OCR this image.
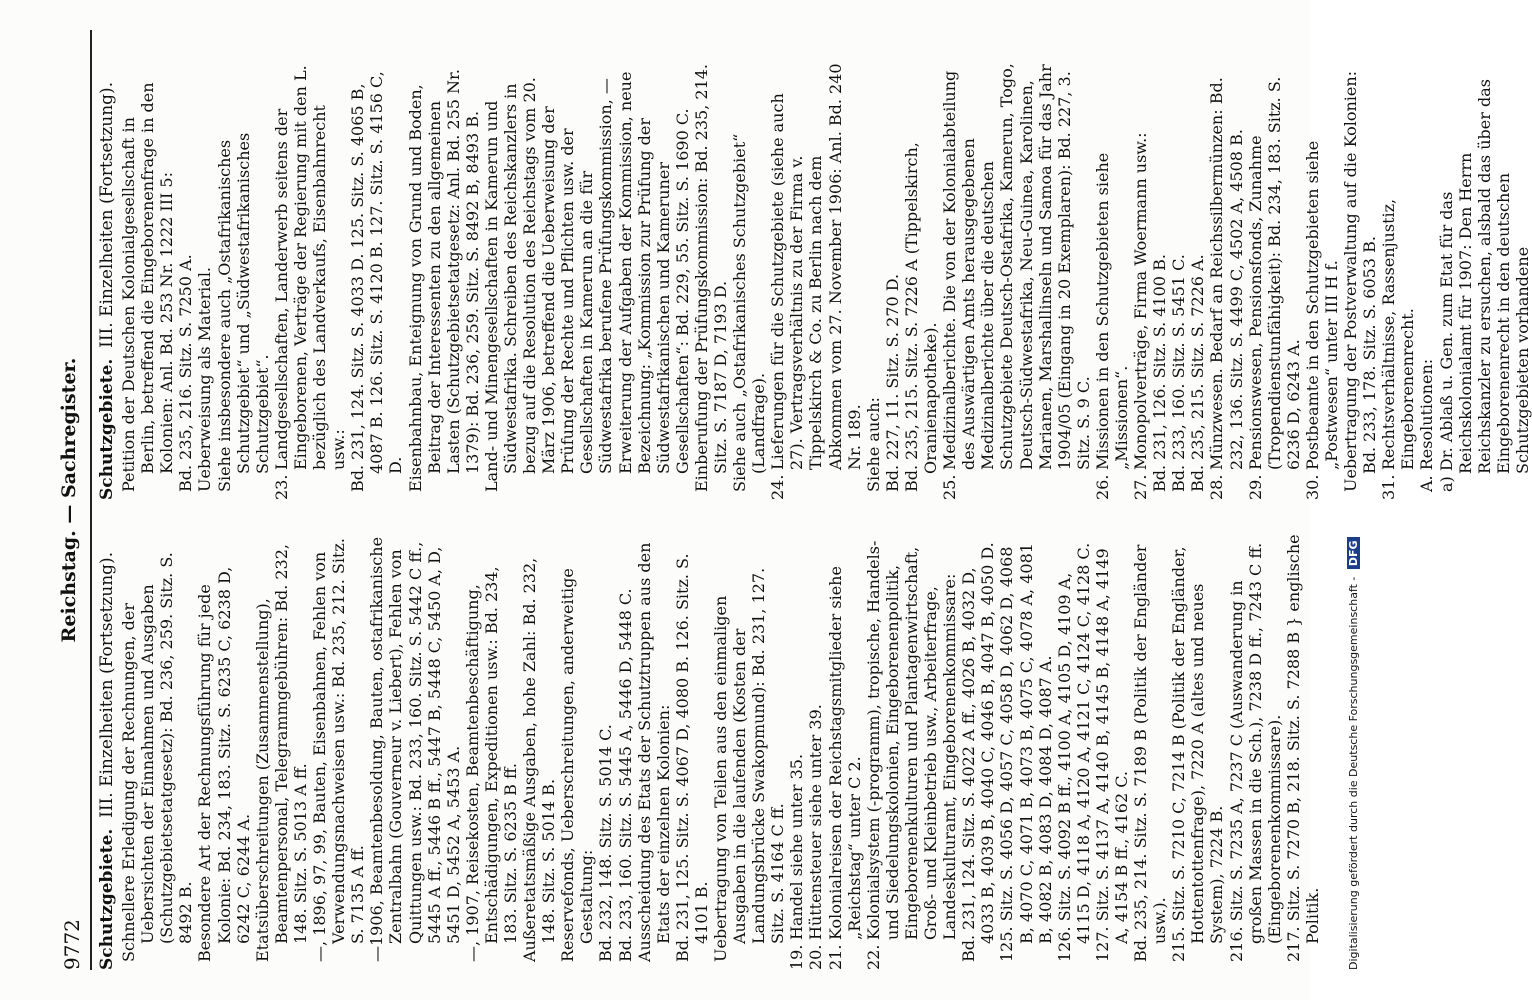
9772
Reichstag. — Sachregister.
Schutzgebiete.  III. Einzelheiten (Fortsetzung). Schnellere Erledigung der Rechnungen, der Uebersichten der Einnahmen und Ausgaben (Schutzgebietsetatgesetz): Bd. 236, 259. Sitz. S. 8492 B. Besondere Art der Rechnungsführung für jede Kolonie: Bd. 234, 183. Sitz. S. 6235 C, 6238 D, 6242 C, 6244 A. Etatsüberschreitungen (Zusammenstellung), Beamtenpersonal, Telegrammgebühren: Bd. 232, 148. Sitz. S. 5013 A ff. —, 1896, 97, 99, Bauten, Eisenbahnen, Fehlen von Verwendungsnachweisen usw.: Bd. 235, 212. Sitz. S. 7135 A ff. —1906, Beamtenbesoldung, Bauten, ostafrikanische Zentralbahn (Gouverneur v. Liebert), Fehlen von Quittungen usw.: Bd. 233, 160. Sitz. S. 5442 C ff., 5445 A ff., 5446 B ff., 5447 B, 5448 C, 5450 A, D, 5451 D, 5452 A, 5453 A. —, 1907, Reisekosten, Beamtenbeschäftigung, Entschädigungen, Expeditionen usw.: Bd. 234, 183. Sitz. S. 6235 B ff. Außeretatsmäßige Ausgaben, hohe Zahl: Bd. 232, 148. Sitz. S. 5014 B. Reservefonds, Ueberschreitungen, anderweitige Gestaltung: Bd. 232, 148. Sitz. S. 5014 C. Bd. 233, 160. Sitz. S. 5445 A, 5446 D, 5448 C. Ausscheidung des Etats der Schutztruppen aus den Etats der einzelnen Kolonien: Bd. 231, 125. Sitz. S. 4067 D, 4080 B. 126. Sitz. S. 4101 B. Uebertragung von Teilen aus den einmaligen Ausgaben in die laufenden (Kosten der Landungsbrücke Swakopmund): Bd. 231, 127. Sitz. S. 4164 C ff.

19.Handel siehe unter 35.

20.Hüttensteuer siehe unter 39.

21.Kolonialreisen der Reichstagsmitglieder siehe „Reichstag“ unter C 2.

22.Kolonialsystem (-programm), tropische, Handels- und Siedelungskolonien, Eingeborenenpolitik, Eingeborenenkulturen und Plantagenwirtschaft, Groß- und Kleinbetrieb usw., Arbeiterfrage, Landeskulturamt, Eingeborenenkommissare: Bd. 231, 124. Sitz. S. 4022 A ff., 4026 B, 4032 D, 4033 B, 4039 B, 4040 C, 4046 B, 4047 B, 4050 D. 125. Sitz. S. 4056 D, 4057 C, 4058 D, 4062 D, 4068 B, 4070 C, 4071 B, 4073 B, 4075 C, 4078 A, 4081 B, 4082 B, 4083 D, 4084 D, 4087 A. 126. Sitz. S. 4092 B ff., 4100 A, 4105 D, 4109 A, 4115 D, 4118 A, 4120 A, 4121 C, 4124 C, 4128 C. 127. Sitz. S. 4137 A, 4140 B, 4145 B, 4148 A, 4149 A, 4154 B ff., 4162 C. Bd. 235, 214. Sitz. S. 7189 B (Politik der Engländer usw.). 215. Sitz. S. 7210 C, 7214 B (Politik der Engländer, Hottentottenfrage), 7220 A (altes und neues System), 7224 B. 216. Sitz. S. 7235 A, 7237 C (Auswanderung in großen Massen in die Sch.), 7238 D ff., 7243 C ff. (Eingeborenenkommissare). 217. Sitz. S. 7270 B, 218. Sitz. S. 7288 B } englische Politik.

Schutzgebiete.  III. Einzelheiten (Fortsetzung). Petition der Deutschen Kolonialgesellschaft in Berlin, betreffend die Eingeborenenfrage in den Kolonien: Anl. Bd. 253 Nr. 1222 III 5: Bd. 235, 216. Sitz. S. 7250 A. Ueberweisung als Material. Siehe insbesondere auch „Ostafrikanisches Schutzgebiet“ und „Südwestafrikanisches Schutzgebiet“.

23.Landgesellschaften, Landerwerb seitens der Eingeborenen, Verträge der Regierung mit den L. bezüglich des Landverkaufs, Eisenbahnrecht usw.: Bd. 231, 124. Sitz. S. 4033 D. 125. Sitz. S. 4065 B, 4087 B. 126. Sitz. S. 4120 B. 127. Sitz. S. 4156 C, D. Eisenbahnbau, Enteignung von Grund und Boden, Beitrag der Interessenten zu den allgemeinen Lasten (Schutzgebietsetatgesetz: Anl. Bd. 255 Nr. 1379): Bd. 236, 259. Sitz. S. 8492 B, 8493 B. Land- und Minengesellschaften in Kamerun und Südwestafrika. Schreiben des Reichskanzlers in bezug auf die Resolution des Reichstags vom 20. März 1906, betreffend die Ueberweisung der Prüfung der Rechte und Pflichten usw. der Gesellschaften in Kamerun an die für Südwestafrika berufene Prüfungskommission, — Erweiterung der Aufgaben der Kommission, neue Bezeichnung: „Kommission zur Prüfung der Südwestafrikanischen und Kameruner Gesellschaften“: Bd. 229, 55. Sitz. S. 1690 C. Einberufung der Prüfungskommission: Bd. 235, 214. Sitz. S. 7187 D, 7193 D. Siehe auch „Ostafrikanisches Schutzgebiet“ (Landfrage).

24.Lieferungen für die Schutzgebiete (siehe auch 27). Vertragsverhältnis zu der Firma v. Tippelskirch & Co. zu Berlin nach dem Abkommen vom 27. November 1906: Anl. Bd. 240 Nr. 189. Siehe auch: Bd. 227, 11. Sitz. S. 270 D. Bd. 235, 215. Sitz. S. 7226 A (Tippelskirch, Oranienapotheke).

25.Medizinalberichte. Die von der Kolonialabteilung des Auswärtigen Amts herausgegebenen Medizinalberichte über die deutschen Schutzgebiete Deutsch-Ostafrika, Kamerun, Togo, Deutsch-Südwestafrika, Neu-Guinea, Karolinen, Marianen, Marshallinseln und Samoa für das Jahr 1904/05 (Eingang in 20 Exemplaren): Bd. 227, 3. Sitz. S. 9 C.

26.Missionen in den Schutzgebieten siehe „Missionen“.

27.Monopolverträge, Firma Woermann usw.: Bd. 231, 126. Sitz. S. 4100 B. Bd. 233, 160. Sitz. S. 5451 C. Bd. 235, 215. Sitz. S. 7226 A. 28.Münzwesen. Bedarf an Reichssilbermünzen: Bd. 232, 136. Sitz. S. 4499 C, 4502 A, 4508 B.

29.Pensionswesen, Pensionsfonds, Zunahme (Tropendienstunfähigkeit): Bd. 234, 183. Sitz. S. 6236 D, 6243 A.

30.Postbeamte in den Schutzgebieten siehe „Postwesen“ unter III H f. Uebertragung der Postverwaltung auf die Kolonien: Bd. 233, 178. Sitz. S. 6053 B.

31.Rechtsverhältnisse, Rassenjustiz, Eingeborenenrecht. A. Resolutionen: a) Dr. Ablaß u. Gen. zum Etat für das Reichskolonialamt für 1907: Den Herrn Reichskanzler zu ersuchen, alsbald das über das Eingeborenenrecht in den deutschen Schutzgebieten vorhandene

Digitalisierung gefördert durch die Deutsche Forschungsgemeinschaft - DFG
